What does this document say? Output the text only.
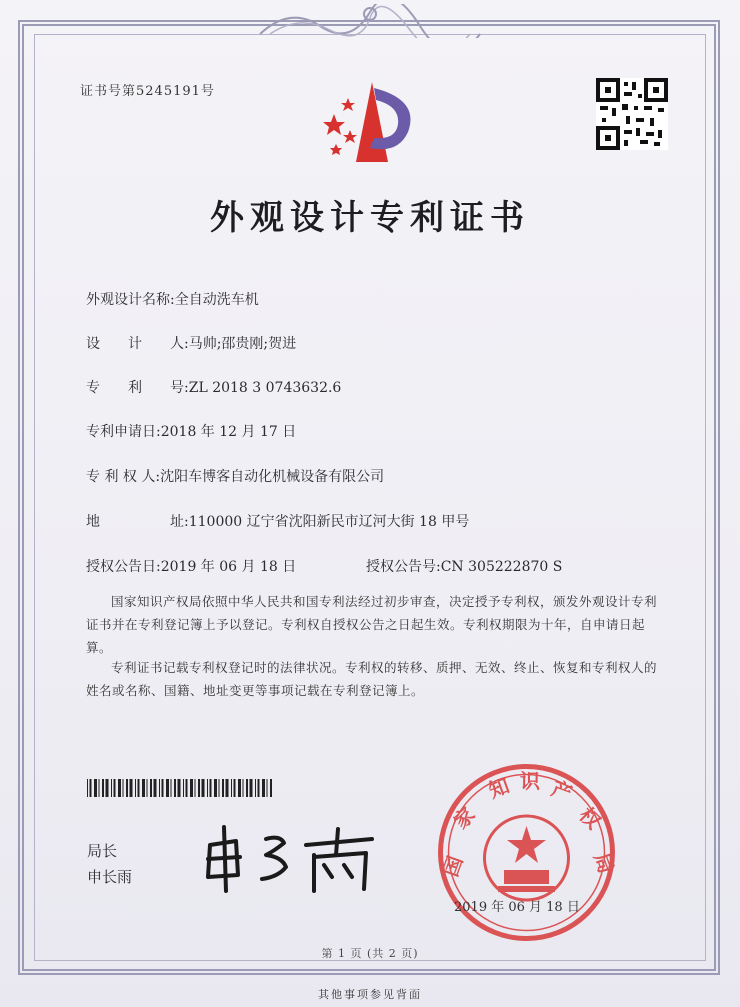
证书号第5245191号
外观设计专利证书
外观设计名称:全自动洗车机
设　　计　　人:马帅;邵贵刚;贺进
专　　利　　号:ZL 2018 3 0743632.6
专利申请日:2018 年 12 月 17 日
专 利 权 人:沈阳车博客自动化机械设备有限公司
地　　　　　址:110000 辽宁省沈阳新民市辽河大街 18 甲号
授权公告日:2019 年 06 月 18 日	授权公告号:CN 305222870 S
国家知识产权局依照中华人民共和国专利法经过初步审查，决定授予专利权，颁发外观设计专利证书并在专利登记簿上予以登记。专利权自授权公告之日起生效。专利权期限为十年，自申请日起算。
专利证书记载专利权登记时的法律状况。专利权的转移、质押、无效、终止、恢复和专利权人的姓名或名称、国籍、地址变更等事项记载在专利登记簿上。
局长
申长雨	国
家
知 识 产
权
局
2019 年 06 月 18 日
第 1 页 (共 2 页)
其他事项参见背面
